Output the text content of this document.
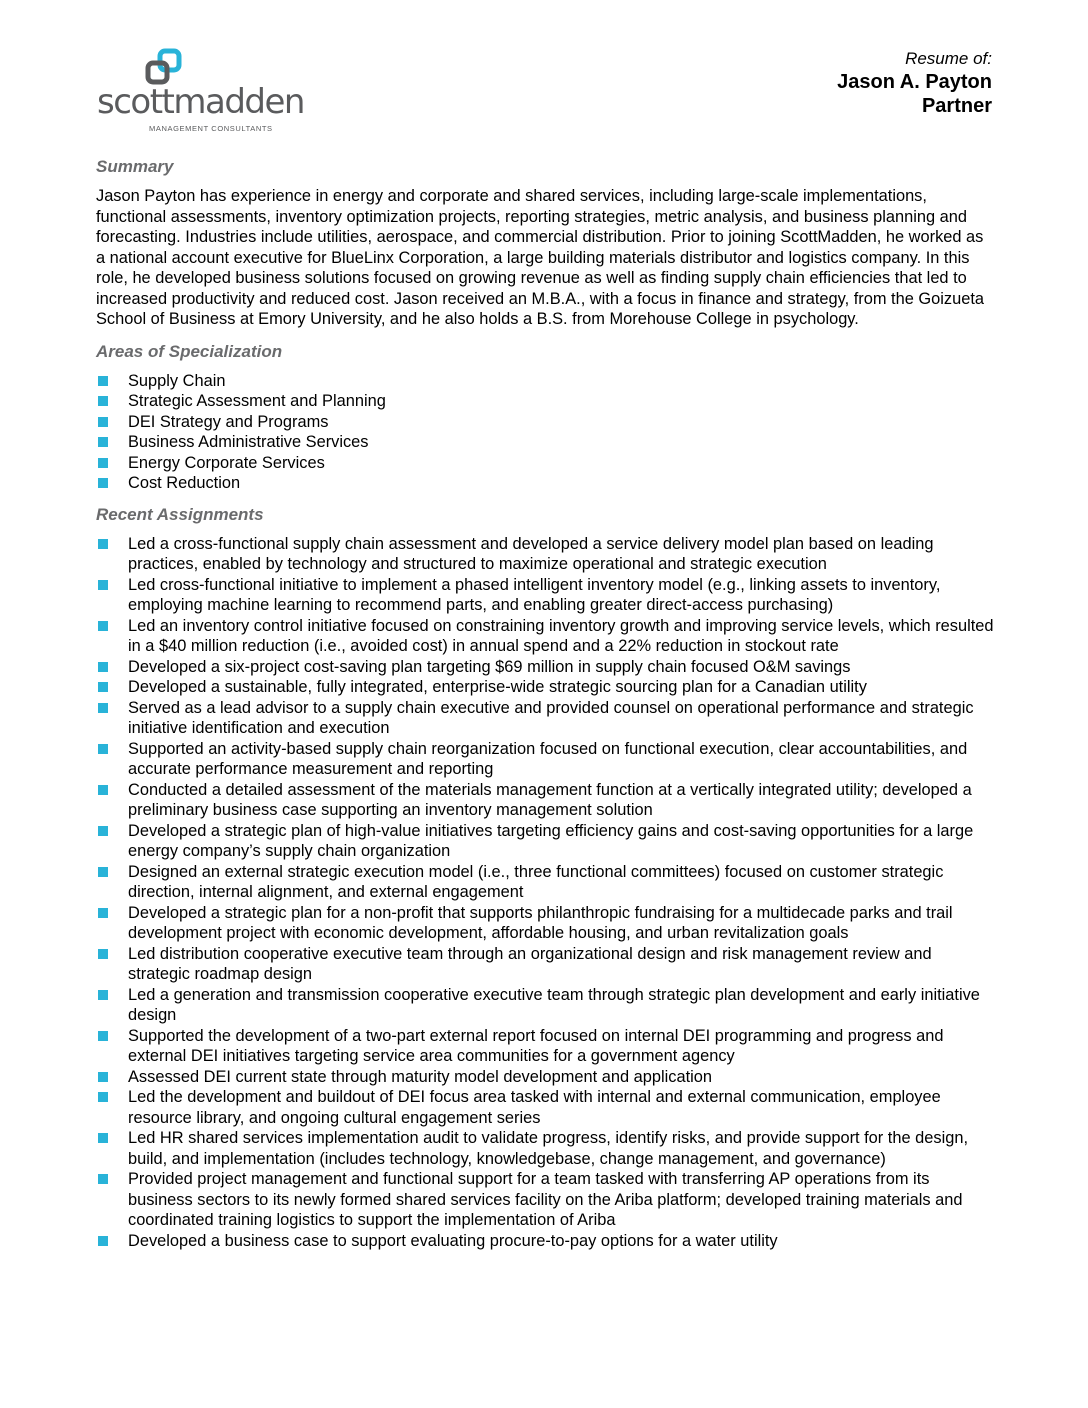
scottmadden
MANAGEMENT CONSULTANTS
Resume of:
Jason A. Payton
Partner
Summary

Jason Payton has experience in energy and corporate and shared services, including large-scale implementations, functional assessments, inventory optimization projects, reporting strategies, metric analysis, and business planning and forecasting. Industries include utilities, aerospace, and commercial distribution. Prior to joining ScottMadden, he worked as a national account executive for BlueLinx Corporation, a large building materials distributor and logistics company. In this role, he developed business solutions focused on growing revenue as well as finding supply chain efficiencies that led to increased productivity and reduced cost. Jason received an M.B.A., with a focus in finance and strategy, from the Goizueta School of Business at Emory University, and he also holds a B.S. from Morehouse College in psychology.

Areas of Specialization
Supply Chain
Strategic Assessment and Planning
DEI Strategy and Programs
Business Administrative Services
Energy Corporate Services
Cost Reduction
Recent Assignments
Led a cross-functional supply chain assessment and developed a service delivery model plan based on leading practices, enabled by technology and structured to maximize operational and strategic execution
Led cross-functional initiative to implement a phased intelligent inventory model (e.g., linking assets to inventory, employing machine learning to recommend parts, and enabling greater direct-access purchasing)
Led an inventory control initiative focused on constraining inventory growth and improving service levels, which resulted in a $40 million reduction (i.e., avoided cost) in annual spend and a 22% reduction in stockout rate
Developed a six-project cost-saving plan targeting $69 million in supply chain focused O&M savings
Developed a sustainable, fully integrated, enterprise-wide strategic sourcing plan for a Canadian utility
Served as a lead advisor to a supply chain executive and provided counsel on operational performance and strategic initiative identification and execution
Supported an activity-based supply chain reorganization focused on functional execution, clear accountabilities, and accurate performance measurement and reporting
Conducted a detailed assessment of the materials management function at a vertically integrated utility; developed a preliminary business case supporting an inventory management solution
Developed a strategic plan of high-value initiatives targeting efficiency gains and cost-saving opportunities for a large energy company’s supply chain organization
Designed an external strategic execution model (i.e., three functional committees) focused on customer strategic direction, internal alignment, and external engagement
Developed a strategic plan for a non-profit that supports philanthropic fundraising for a multidecade parks and trail development project with economic development, affordable housing, and urban revitalization goals
Led distribution cooperative executive team through an organizational design and risk management review and strategic roadmap design
Led a generation and transmission cooperative executive team through strategic plan development and early initiative design
Supported the development of a two-part external report focused on internal DEI programming and progress and external DEI initiatives targeting service area communities for a government agency
Assessed DEI current state through maturity model development and application
Led the development and buildout of DEI focus area tasked with internal and external communication, employee resource library, and ongoing cultural engagement series
Led HR shared services implementation audit to validate progress, identify risks, and provide support for the design, build, and implementation (includes technology, knowledgebase, change management, and governance)
Provided project management and functional support for a team tasked with transferring AP operations from its business sectors to its newly formed shared services facility on the Ariba platform; developed training materials and coordinated training logistics to support the implementation of Ariba
Developed a business case to support evaluating procure-to-pay options for a water utility
